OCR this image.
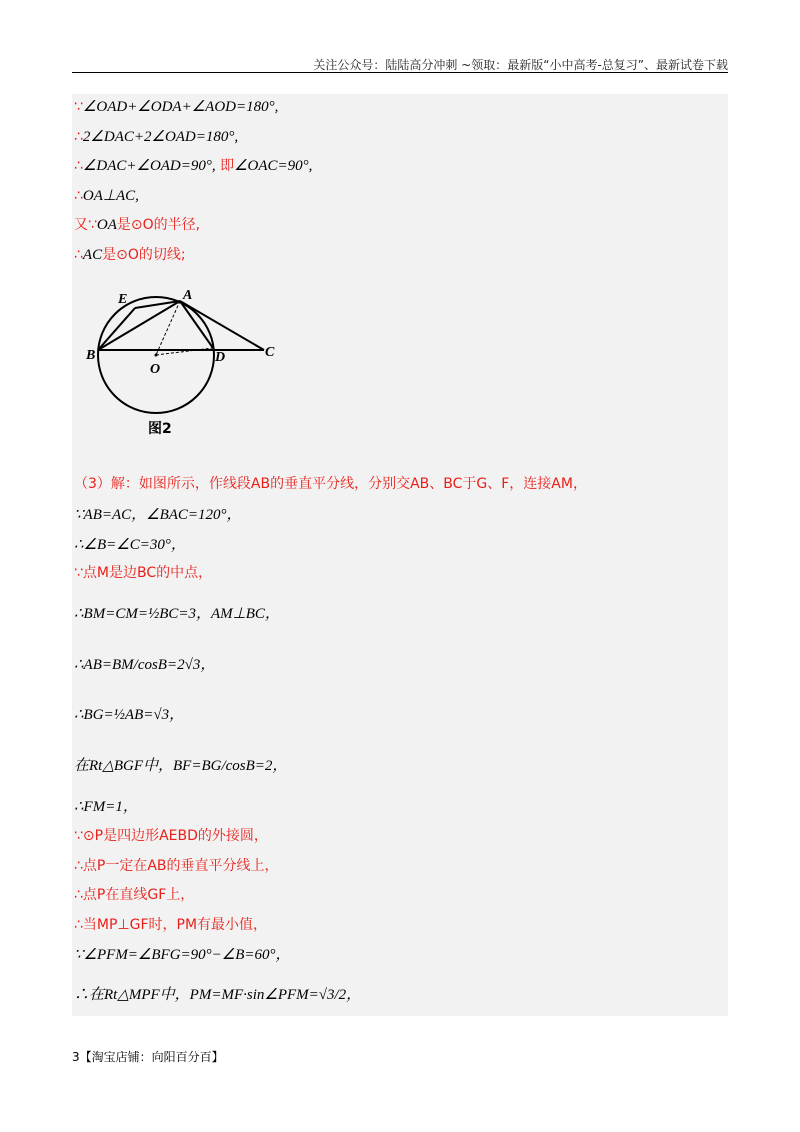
关注公众号：陆陆高分冲刺 ~领取：最新版“小中高考-总复习”、最新试卷下载
∵∠OAD+∠ODA+∠AOD=180°,
∴2∠DAC+2∠OAD=180°,
∴∠DAC+∠OAD=90°, 即∠OAC=90°,
∴OA⊥AC,
又∵OA是⊙O的半径,
∴AC是⊙O的切线;
E	A
B
O
D	C
图2
（3）解：如图所示，作线段AB的垂直平分线，分别交AB、BC于G、F，连接AM，
∵AB=AC，∠BAC=120°，
∴∠B=∠C=30°，
∵点M是边BC的中点，
∴BM=CM=½BC=3，AM⊥BC，
∴AB=BM/cosB=2√3，
∴BG=½AB=√3，
在Rt△BGF中，BF=BG/cosB=2，
∴FM=1，
∵⊙P是四边形AEBD的外接圆，
∴点P一定在AB的垂直平分线上，
∴点P在直线GF上，
∴当MP⊥GF时，PM有最小值，
∵∠PFM=∠BFG=90°−∠B=60°，
∴在Rt△MPF中，PM=MF·sin∠PFM=√3/2，
3【淘宝店铺：向阳百分百】
